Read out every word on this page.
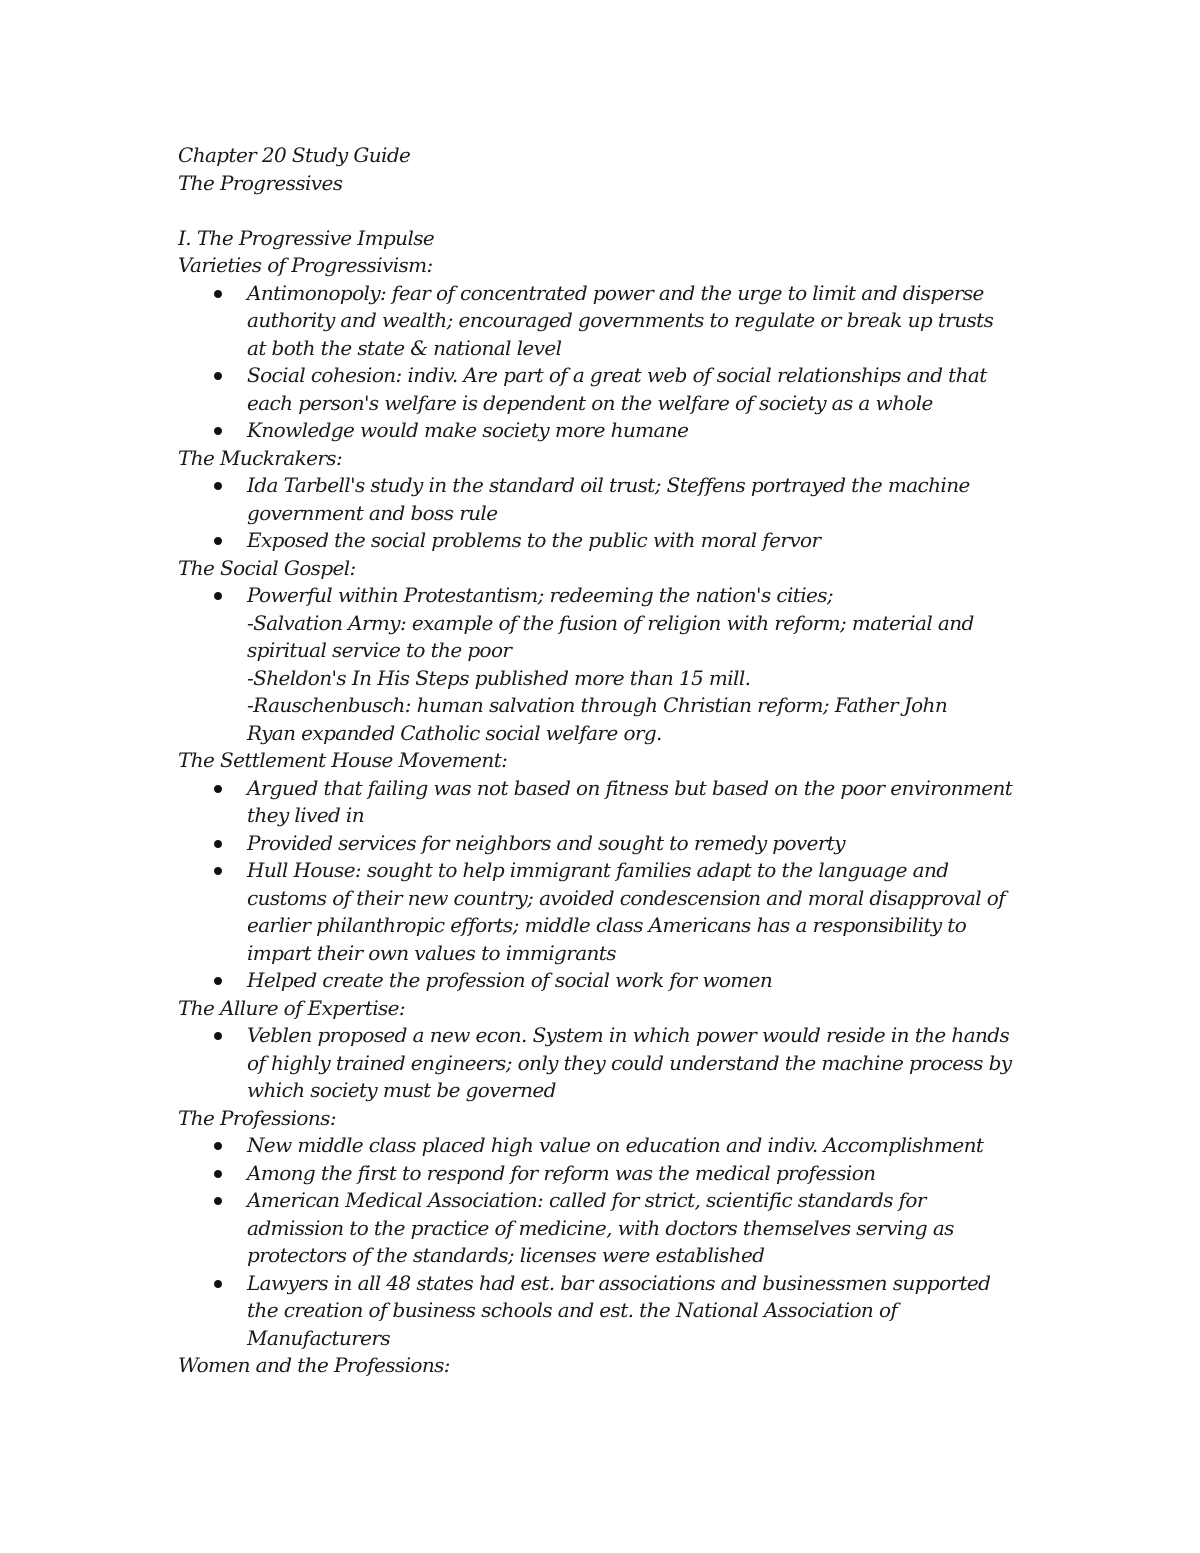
Chapter 20 Study Guide
The Progressives
I. The Progressive Impulse
Varieties of Progressivism:
Antimonopoly: fear of concentrated power and the urge to limit and disperse
authority and wealth; encouraged governments to regulate or break up trusts
at both the state & national level
Social cohesion: indiv. Are part of a great web of social relationships and that
each person's welfare is dependent on the welfare of society as a whole
Knowledge would make society more humane
The Muckrakers:
Ida Tarbell's study in the standard oil trust; Steffens portrayed the machine
government and boss rule
Exposed the social problems to the public with moral fervor
The Social Gospel:
Powerful within Protestantism; redeeming the nation's cities;
-Salvation Army: example of the fusion of religion with reform; material and
spiritual service to the poor
-Sheldon's In His Steps published more than 15 mill.
-Rauschenbusch: human salvation through Christian reform; Father John
Ryan expanded Catholic social welfare org.
The Settlement House Movement:
Argued that failing was not based on fitness but based on the poor environment
they lived in
Provided services for neighbors and sought to remedy poverty
Hull House: sought to help immigrant families adapt to the language and
customs of their new country; avoided condescension and moral disapproval of
earlier philanthropic efforts; middle class Americans has a responsibility to
impart their own values to immigrants
Helped create the profession of social work for women
The Allure of Expertise:
Veblen proposed a new econ. System in which power would reside in the hands
of highly trained engineers; only they could understand the machine process by
which society must be governed
The Professions:
New middle class placed high value on education and indiv. Accomplishment
Among the first to respond for reform was the medical profession
American Medical Association: called for strict, scientific standards for
admission to the practice of medicine, with doctors themselves serving as
protectors of the standards; licenses were established
Lawyers in all 48 states had est. bar associations and businessmen supported
the creation of business schools and est. the National Association of
Manufacturers
Women and the Professions:
